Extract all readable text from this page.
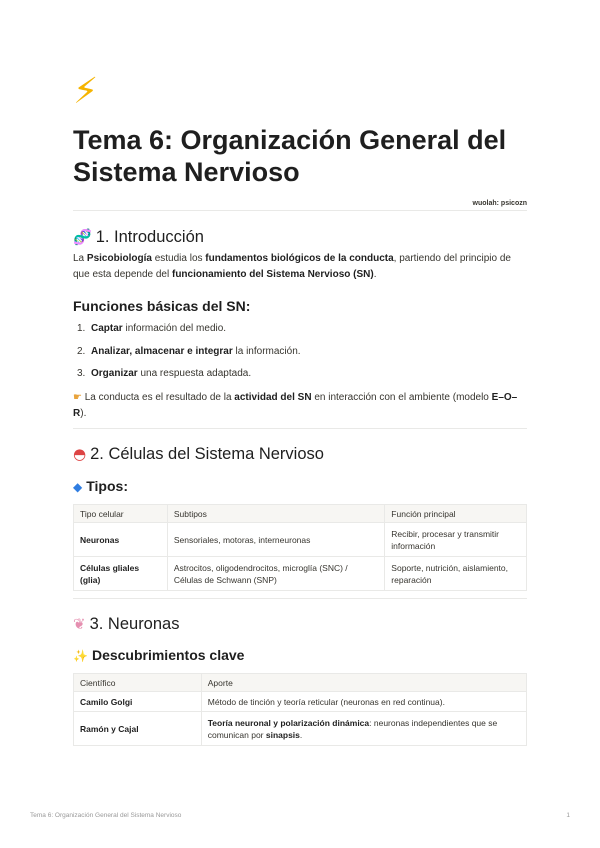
⚡
Tema 6: Organización General del Sistema Nervioso
wuolah: psicozn
🧬 1. Introducción

La Psicobiología estudia los fundamentos biológicos de la conducta, partiendo del principio de que esta depende del funcionamiento del Sistema Nervioso (SN).

Funciones básicas del SN:
1. Captar información del medio.
2. Analizar, almacenar e integrar la información.
3. Organizar una respuesta adaptada.

☛ La conducta es el resultado de la actividad del SN en interacción con el ambiente (modelo E–O–R).

◓ 2. Células del Sistema Nervioso
◆ Tipos:
Tipo celular	Subtipos	Función principal
Neuronas	Sensoriales, motoras, interneuronas	Recibir, procesar y transmitir información
Células gliales (glia)	Astrocitos, oligodendrocitos, microglía (SNC) / Células de Schwann (SNP)	Soporte, nutrición, aislamiento, reparación
❦ 3. Neuronas
✨ Descubrimientos clave
Científico	Aporte
Camilo Golgi	Método de tinción y teoría reticular (neuronas en red continua).
Ramón y Cajal	Teoría neuronal y polarización dinámica: neuronas independientes que se comunican por sinapsis.
Tema 6: Organización General del Sistema Nervioso	1
